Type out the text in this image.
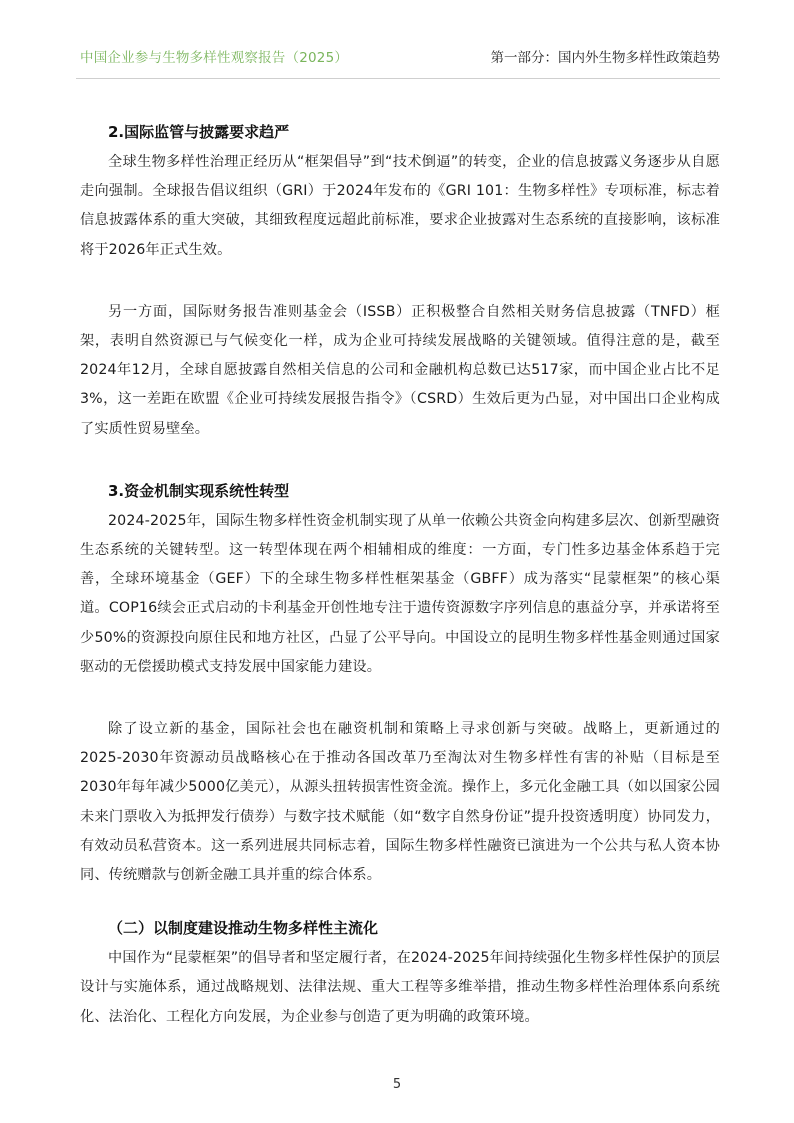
中国企业参与生物多样性观察报告（2025）	第一部分：国内外生物多样性政策趋势
2.国际监管与披露要求趋严

全球生物多样性治理正经历从“框架倡导”到“技术倒逼”的转变，企业的信息披露义务逐步从自愿走向强制。全球报告倡议组织（GRI）于2024年发布的《GRI 101：生物多样性》专项标准，标志着信息披露体系的重大突破，其细致程度远超此前标准，要求企业披露对生态系统的直接影响，该标准将于2026年正式生效。

另一方面，国际财务报告准则基金会（ISSB）正积极整合自然相关财务信息披露（TNFD）框架，表明自然资源已与气候变化一样，成为企业可持续发展战略的关键领域。值得注意的是，截至2024年12月，全球自愿披露自然相关信息的公司和金融机构总数已达517家，而中国企业占比不足3%，这一差距在欧盟《企业可持续发展报告指令》（CSRD）生效后更为凸显，对中国出口企业构成了实质性贸易壁垒。

3.资金机制实现系统性转型

2024-2025年，国际生物多样性资金机制实现了从单一依赖公共资金向构建多层次、创新型融资生态系统的关键转型。这一转型体现在两个相辅相成的维度：一方面，专门性多边基金体系趋于完善，全球环境基金（GEF）下的全球生物多样性框架基金（GBFF）成为落实“昆蒙框架”的核心渠道。COP16续会正式启动的卡利基金开创性地专注于遗传资源数字序列信息的惠益分享，并承诺将至少50%的资源投向原住民和地方社区，凸显了公平导向。中国设立的昆明生物多样性基金则通过国家驱动的无偿援助模式支持发展中国家能力建设。

除了设立新的基金，国际社会也在融资机制和策略上寻求创新与突破。战略上，更新通过的2025-2030年资源动员战略核心在于推动各国改革乃至淘汰对生物多样性有害的补贴（目标是至2030年每年减少5000亿美元），从源头扭转损害性资金流。操作上，多元化金融工具（如以国家公园未来门票收入为抵押发行债券）与数字技术赋能（如“数字自然身份证”提升投资透明度）协同发力，有效动员私营资本。这一系列进展共同标志着，国际生物多样性融资已演进为一个公共与私人资本协同、传统赠款与创新金融工具并重的综合体系。

（二）以制度建设推动生物多样性主流化

中国作为“昆蒙框架”的倡导者和坚定履行者，在2024-2025年间持续强化生物多样性保护的顶层设计与实施体系，通过战略规划、法律法规、重大工程等多维举措，推动生物多样性治理体系向系统化、法治化、工程化方向发展，为企业参与创造了更为明确的政策环境。

5
